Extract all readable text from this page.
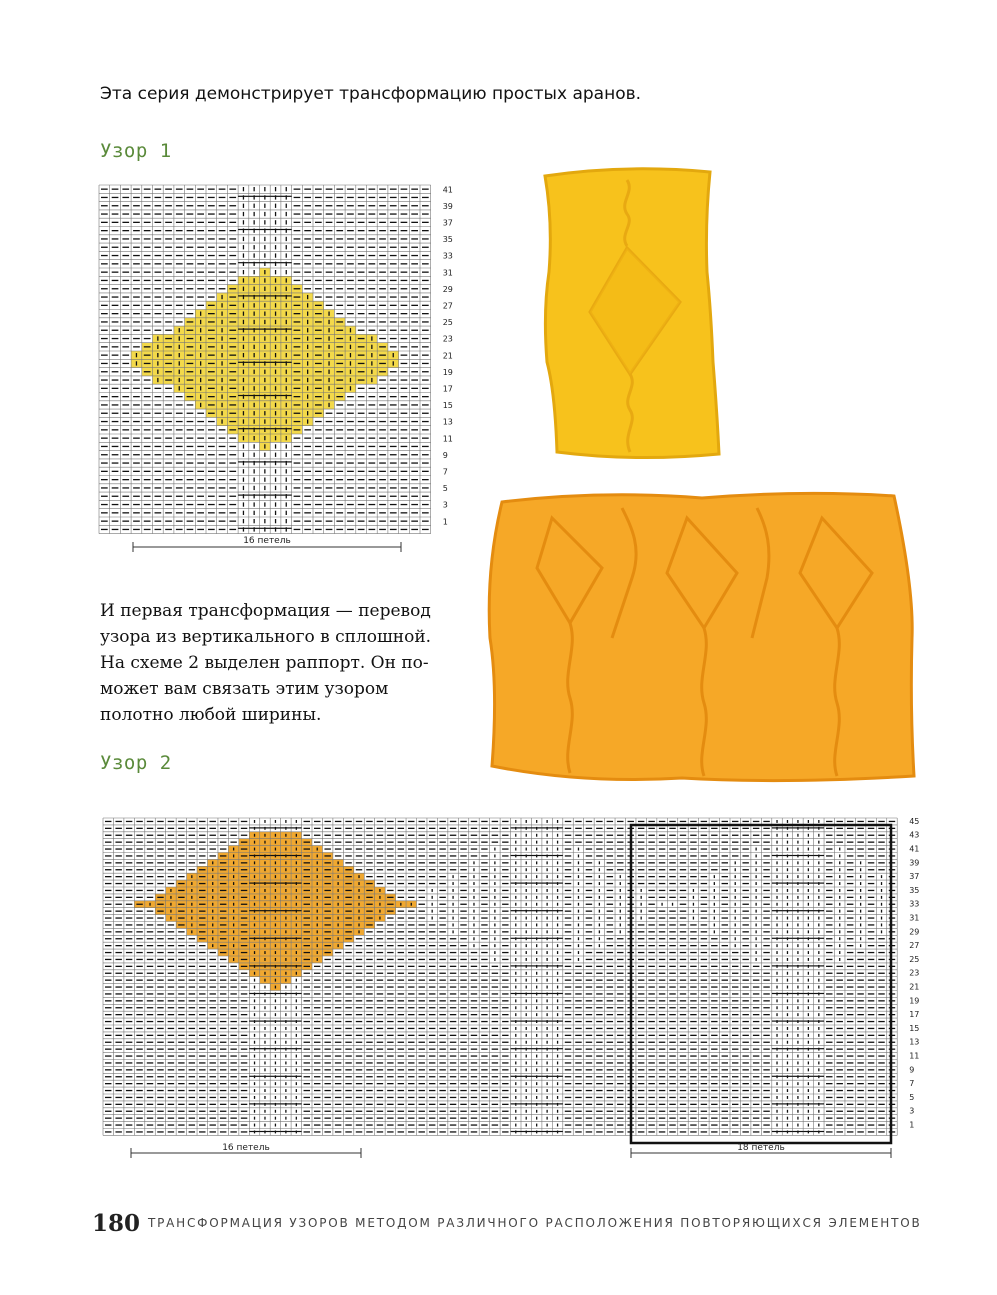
Эта серия демонстрирует трансформацию простых аранов.
Узор 1
41
39
37
35
33
31
29
27
25
23
21
19
17
15
13
11
9
7
5
3
1
16 петель
И первая трансформация — перевод
узора из вертикального в сплошной.
На схеме 2 выделен раппорт. Он по-
может вам связать этим узором
полотно любой ширины.
Узор 2
45
43
41
39
37
35
33
31
29
27
25
23
21
19
17
15
13
11
9
7
5
3
1
16 петель	18 петель
180 ТРАНСФОРМАЦИЯ УЗОРОВ МЕТОДОМ РАЗЛИЧНОГО РАСПОЛОЖЕНИЯ ПОВТОРЯЮЩИХСЯ ЭЛЕМЕНТОВ
